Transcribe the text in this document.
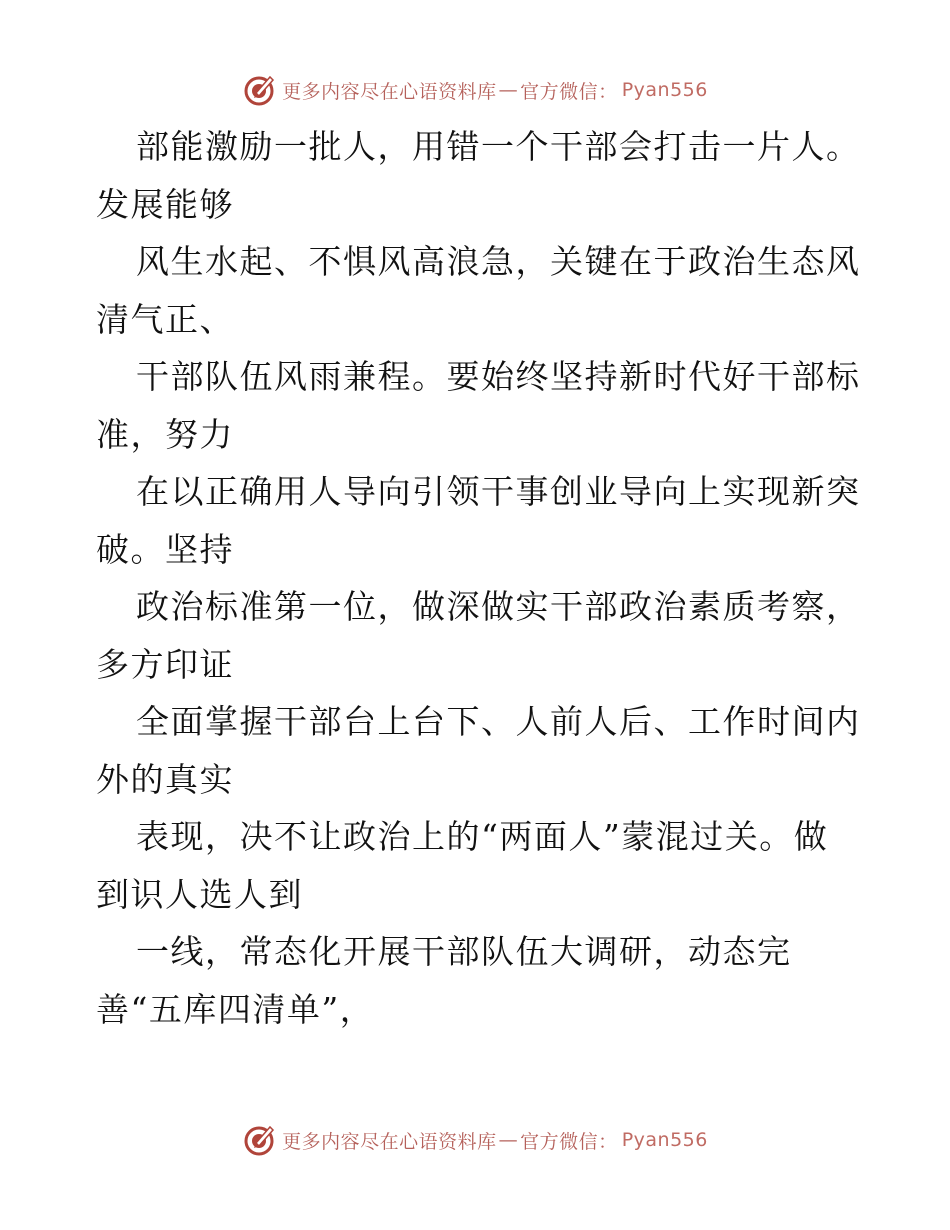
更多内容尽在心语资料库 — 官方微信： Pyan556
部能激励一批人，用错一个干部会打击一片人。
发展能够
风生水起、不惧风高浪急，关键在于政治生态风
清气正、
干部队伍风雨兼程。要始终坚持新时代好干部标
准，努力
在以正确用人导向引领干事创业导向上实现新突
破。坚持
政治标准第一位，做深做实干部政治素质考察，
多方印证
全面掌握干部台上台下、人前人后、工作时间内
外的真实
表现，决不让政治上的“两面人”蒙混过关。做
到识人选人到
一线，常态化开展干部队伍大调研，动态完
善“五库四清单”，
更多内容尽在心语资料库 — 官方微信： Pyan556
